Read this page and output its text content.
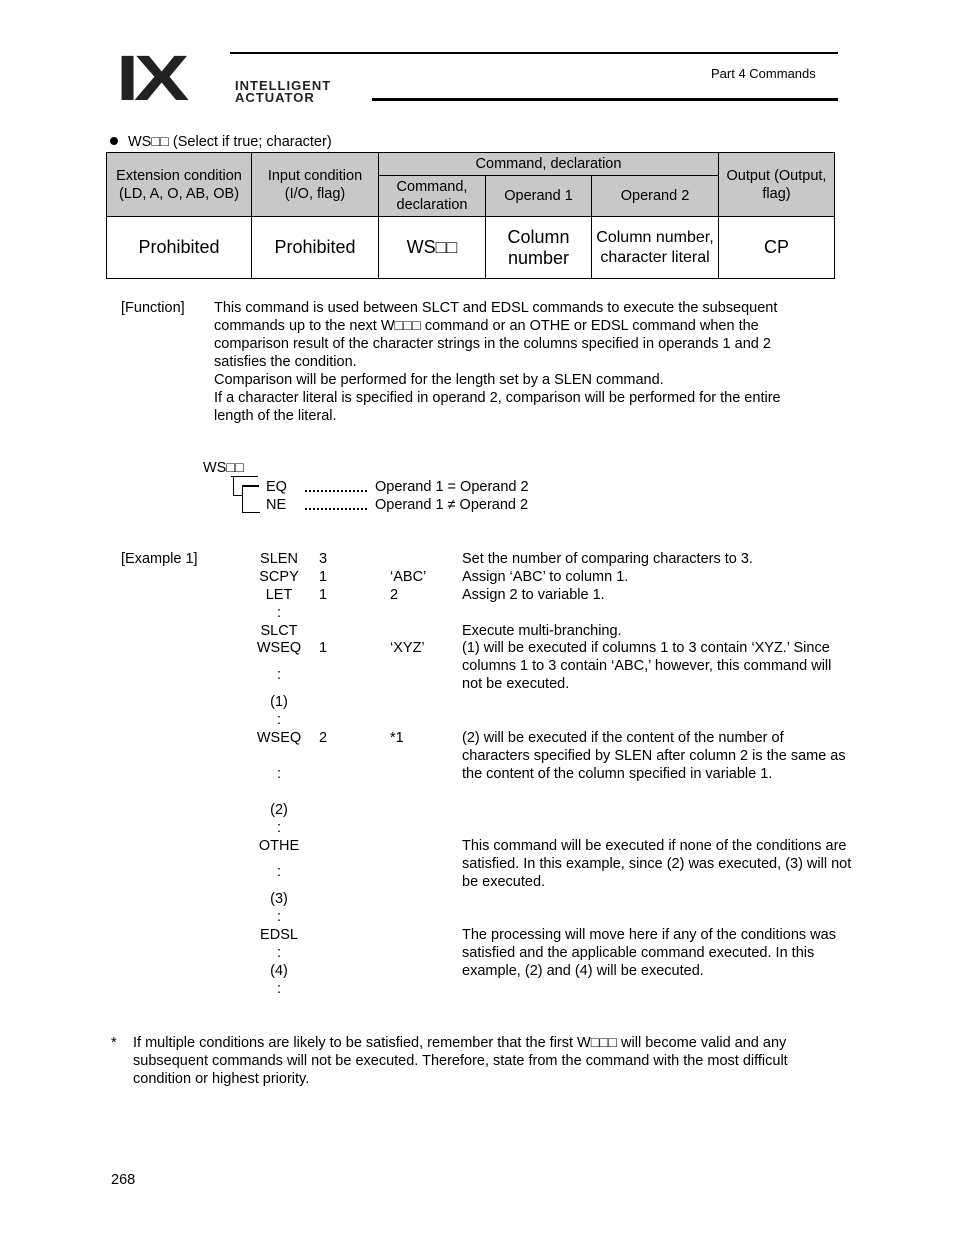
IX	INTELLIGENT
ACTUATOR
Part 4 Commands
WS□□ (Select if true; character)
Extension condition (LD, A, O, AB, OB)	Input condition (I/O, flag)	Command, declaration			Output (Output, flag)
		Command, declaration	Operand 1	Operand 2	
Prohibited	Prohibited	WS□□	Column number	Column number, character literal	CP
[Function] This command is used between SLCT and EDSL commands to execute the subsequent
commands up to the next W□□□ command or an OTHE or EDSL command when the
comparison result of the character strings in the columns specified in operands 1 and 2
satisfies the condition.
Comparison will be performed for the length set by a SLEN command.
If a character literal is specified in operand 2, comparison will be performed for the entire
length of the literal.
WS□□
EQ	Operand 1 = Operand 2
NE	Operand 1 ≠ Operand 2
[Example 1]	SLEN	3	Set the number of comparing characters to 3.
SCPY	1	‘ABC’ Assign ‘ABC’ to column 1.
LET	1	2	Assign 2 to variable 1.
:
SLCT	Execute multi-branching.
WSEQ	1	‘XYZ’	(1) will be executed if columns 1 to 3 contain ‘XYZ.’ Since columns 1 to 3 contain ‘ABC,’ however, this command will not be executed.
:
(1)
:
WSEQ	2	*1	(2) will be executed if the content of the number of characters specified by SLEN after column 2 is the same as the content of the column specified in variable 1.
:
(2)
:
OTHE	This command will be executed if none of the conditions are satisfied. In this example, since (2) was executed, (3) will not be executed.
:
(3)
:
EDSL	The processing will move here if any of the conditions was satisfied and the applicable command executed. In this example, (2) and (4) will be executed.
:
(4)
:
* If multiple conditions are likely to be satisfied, remember that the first W□□□ will become valid and any subsequent commands will not be executed. Therefore, state from the command with the most difficult condition or highest priority.
268
